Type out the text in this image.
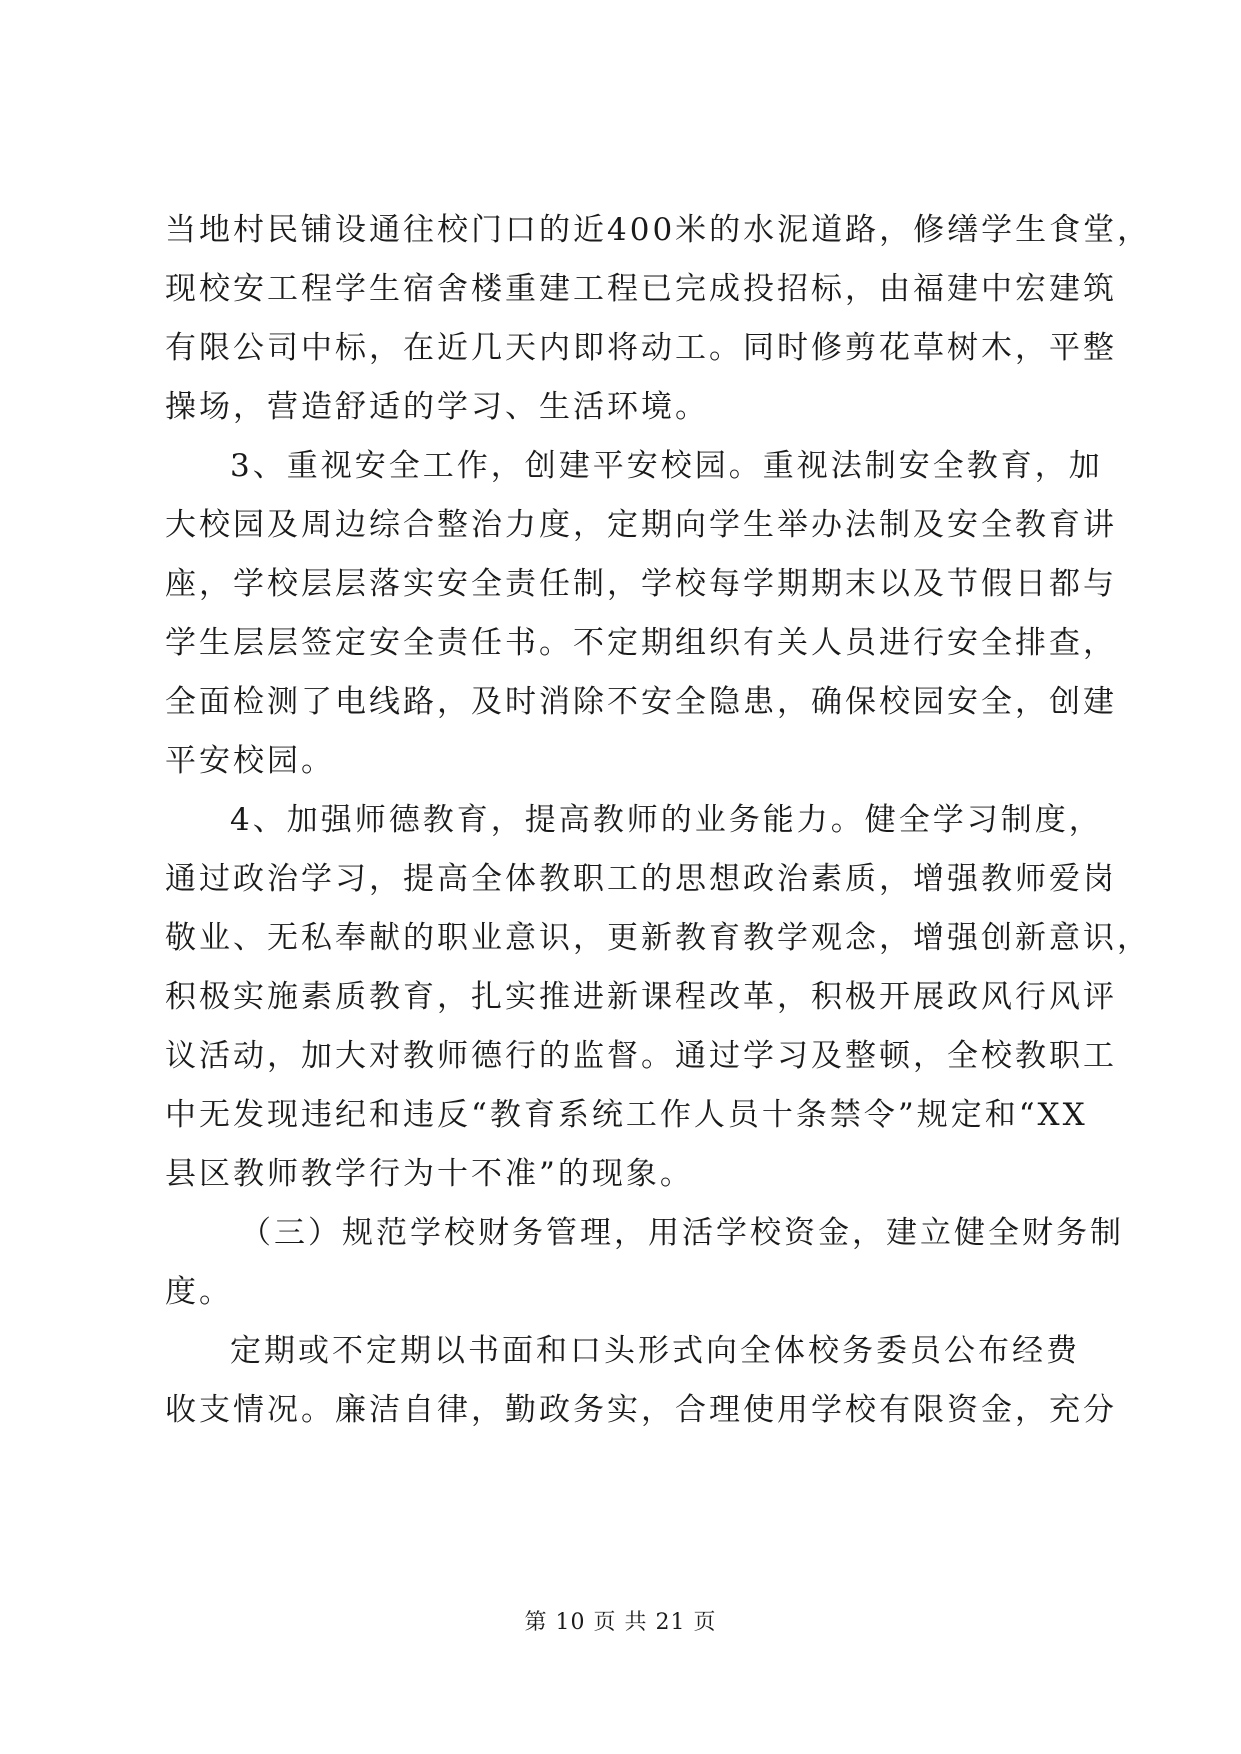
当地村民铺设通往校门口的近400米的水泥道路，修缮学生食堂，
现校安工程学生宿舍楼重建工程已完成投招标，由福建中宏建筑
有限公司中标，在近几天内即将动工。同时修剪花草树木，平整
操场，营造舒适的学习、生活环境。
3、重视安全工作，创建平安校园。重视法制安全教育，加
大校园及周边综合整治力度，定期向学生举办法制及安全教育讲
座，学校层层落实安全责任制，学校每学期期末以及节假日都与
学生层层签定安全责任书。不定期组织有关人员进行安全排查，
全面检测了电线路，及时消除不安全隐患，确保校园安全，创建
平安校园。
4、加强师德教育，提高教师的业务能力。健全学习制度，
通过政治学习，提高全体教职工的思想政治素质，增强教师爱岗
敬业、无私奉献的职业意识，更新教育教学观念，增强创新意识，
积极实施素质教育，扎实推进新课程改革，积极开展政风行风评
议活动，加大对教师德行的监督。通过学习及整顿，全校教职工
中无发现违纪和违反“教育系统工作人员十条禁令”规定和“XX
县区教师教学行为十不准”的现象。
（三）规范学校财务管理，用活学校资金，建立健全财务制
度。
定期或不定期以书面和口头形式向全体校务委员公布经费
收支情况。廉洁自律，勤政务实，合理使用学校有限资金，充分
第 10 页 共 21 页
